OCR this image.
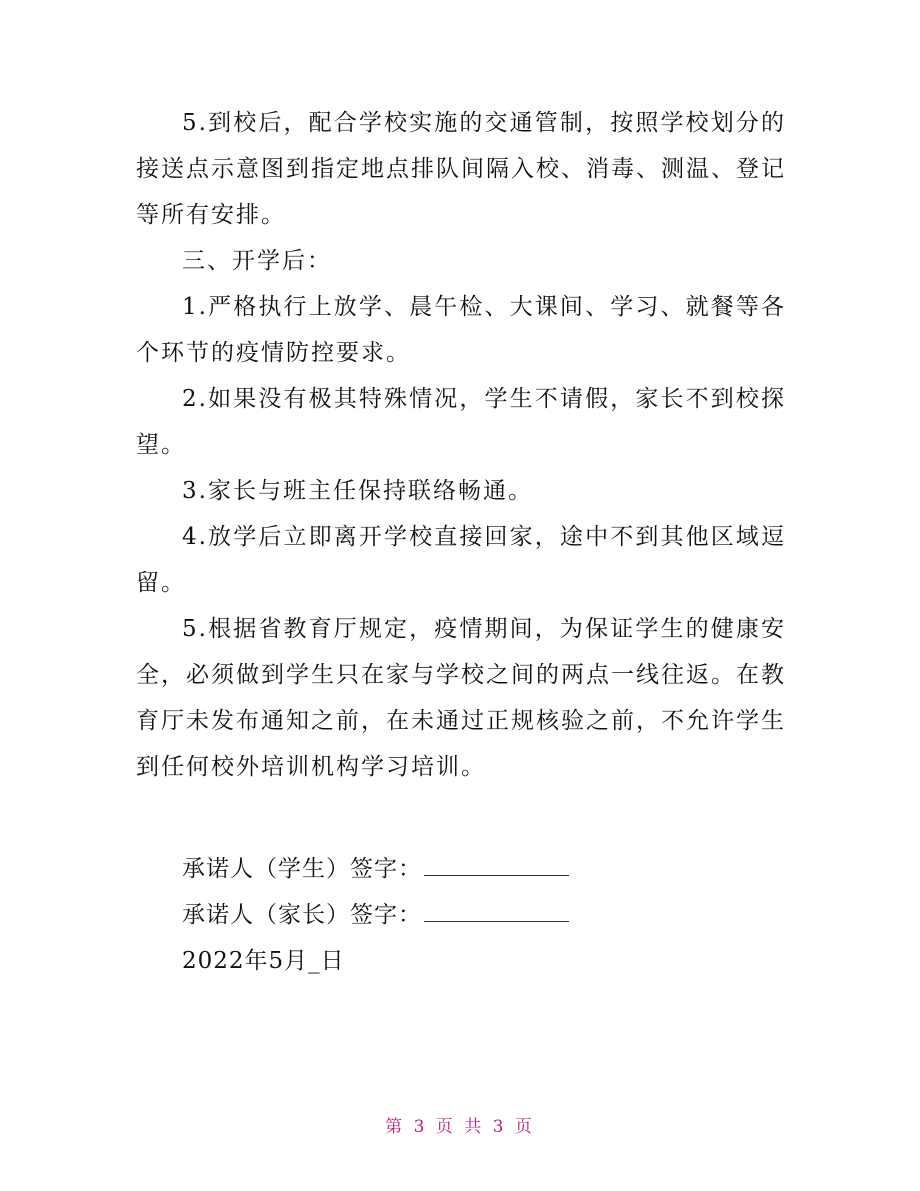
5.到校后，配合学校实施的交通管制，按照学校划分的接送点示意图到指定地点排队间隔入校、消毒、测温、登记等所有安排。

三、开学后：

1.严格执行上放学、晨午检、大课间、学习、就餐等各个环节的疫情防控要求。

2.如果没有极其特殊情况，学生不请假，家长不到校探望。

3.家长与班主任保持联络畅通。

4.放学后立即离开学校直接回家，途中不到其他区域逗留。

5.根据省教育厅规定，疫情期间，为保证学生的健康安全，必须做到学生只在家与学校之间的两点一线往返。在教育厅未发布通知之前，在未通过正规核验之前，不允许学生到任何校外培训机构学习培训。

承诺人（学生）签字：
承诺人（家长）签字：
2022年5月_日
第 3 页 共 3 页
